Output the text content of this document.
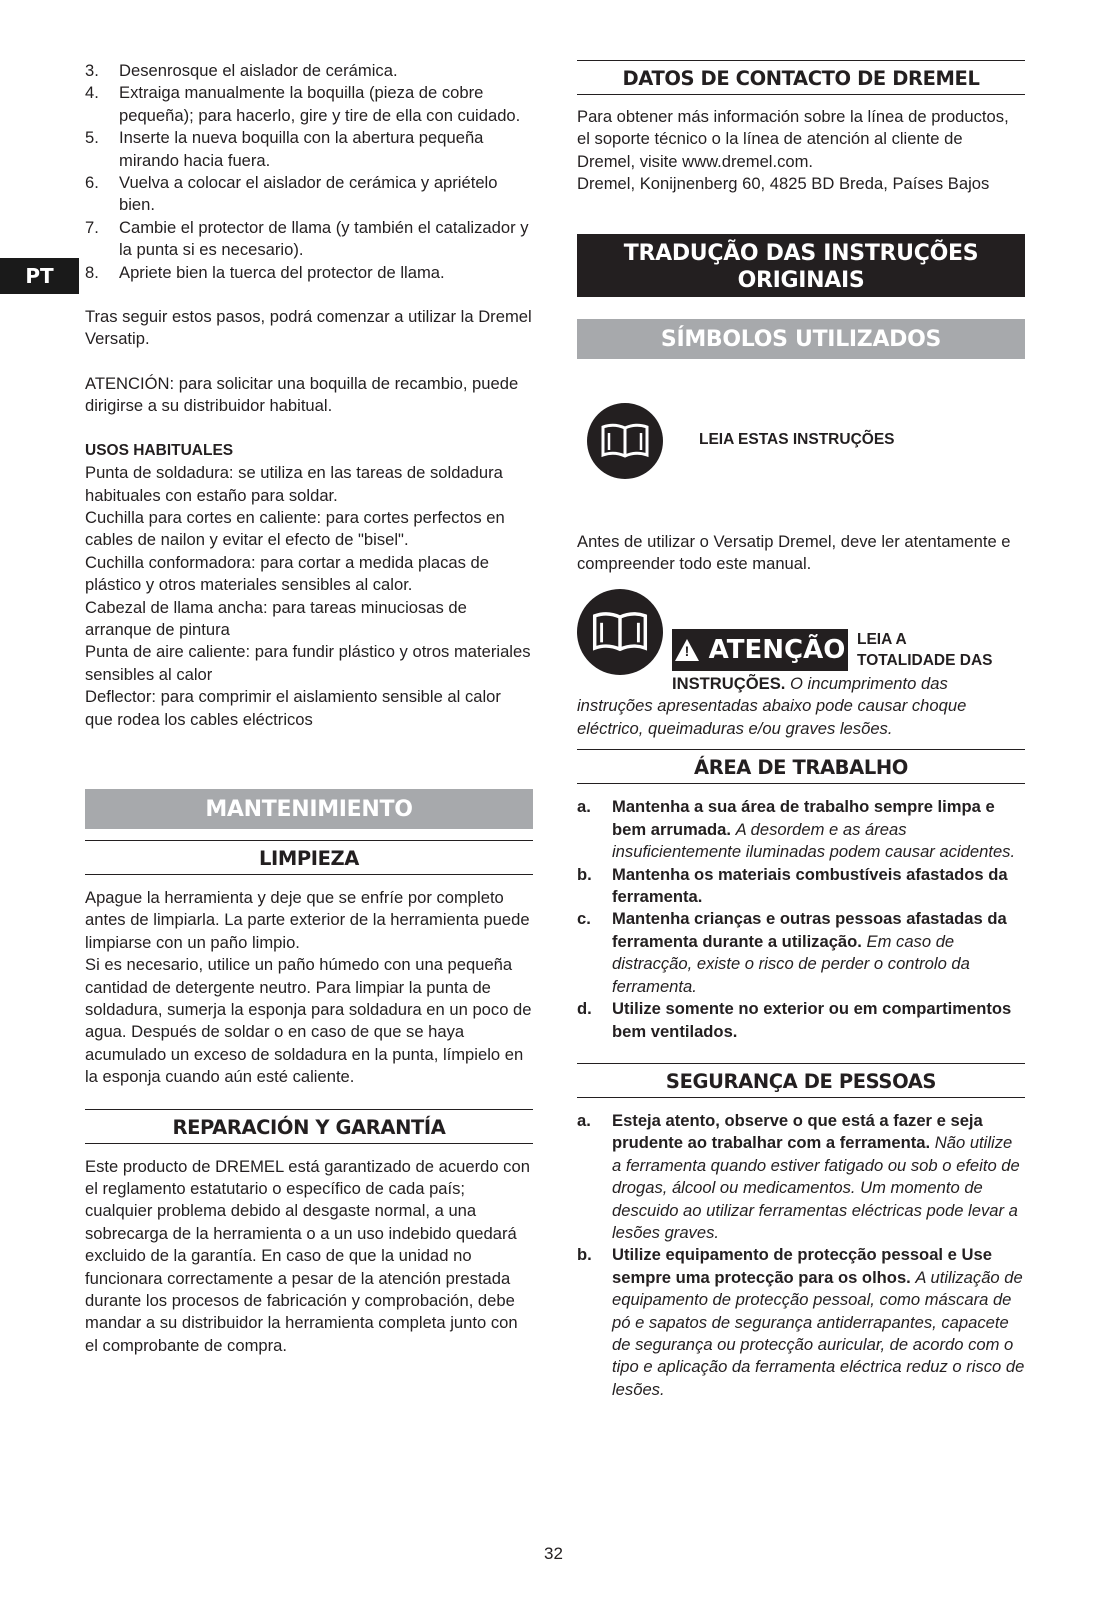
PT
3.	Desenrosque el aislador de cerámica.
4.	Extraiga manualmente la boquilla (pieza de cobre pequeña); para hacerlo, gire y tire de ella con cuidado.
5.	Inserte la nueva boquilla con la abertura pequeña mirando hacia fuera.
6.	Vuelva a colocar el aislador de cerámica y apriételo bien.
7.	Cambie el protector de llama (y también el catalizador y la punta si es necesario).
8.	Apriete bien la tuerca del protector de llama.

Tras seguir estos pasos, podrá comenzar a utilizar la Dremel Versatip.

ATENCIÓN: para solicitar una boquilla de recambio, puede dirigirse a su distribuidor habitual.

USOS HABITUALES

Punta de soldadura: se utiliza en las tareas de soldadura habituales con estaño para soldar.

Cuchilla para cortes en caliente: para cortes perfectos en cables de nailon y evitar el efecto de "bisel".

Cuchilla conformadora: para cortar a medida placas de plástico y otros materiales sensibles al calor.

Cabezal de llama ancha: para tareas minuciosas de arranque de pintura

Punta de aire caliente: para fundir plástico y otros materiales sensibles al calor

Deflector: para comprimir el aislamiento sensible al calor que rodea los cables eléctricos

MANTENIMIENTO
LIMPIEZA

Apague la herramienta y deje que se enfríe por completo antes de limpiarla. La parte exterior de la herramienta puede limpiarse con un paño limpio.

Si es necesario, utilice un paño húmedo con una pequeña cantidad de detergente neutro. Para limpiar la punta de soldadura, sumerja la esponja para soldadura en un poco de agua. Después de soldar o en caso de que se haya acumulado un exceso de soldadura en la punta, límpielo en la esponja cuando aún esté caliente.

REPARACIÓN Y GARANTÍA

Este producto de DREMEL está garantizado de acuerdo con el reglamento estatutario o específico de cada país; cualquier problema debido al desgaste normal, a una sobrecarga de la herramienta o a un uso indebido quedará excluido de la garantía. En caso de que la unidad no funcionara correctamente a pesar de la atención prestada durante los procesos de fabricación y comprobación, debe mandar a su distribuidor la herramienta completa junto con el comprobante de compra.

DATOS DE CONTACTO DE DREMEL

Para obtener más información sobre la línea de productos, el soporte técnico o la línea de atención al cliente de Dremel, visite www.dremel.com.

Dremel, Konijnenberg 60, 4825 BD Breda, Países Bajos

TRADUÇÃO DAS INSTRUÇÕES
ORIGINAIS
SÍMBOLOS UTILIZADOS
LEIA ESTAS INSTRUÇÕES

Antes de utilizar o Versatip Dremel, deve ler atentamente e compreender todo este manual.

! ATENÇÃO LEIA A
TOTALIDADE DAS
INSTRUÇÕES. O incumprimento das
instruções apresentadas abaixo pode causar choque eléctrico, queimaduras e/ou graves lesões.
ÁREA DE TRABALHO
a.	Mantenha a sua área de trabalho sempre limpa e bem arrumada. A desordem e as áreas insuficientemente iluminadas podem causar acidentes.
b.	Mantenha os materiais combustíveis afastados da ferramenta.
c.	Mantenha crianças e outras pessoas afastadas da ferramenta durante a utilização. Em caso de distracção, existe o risco de perder o controlo da ferramenta.
d.	Utilize somente no exterior ou em compartimentos bem ventilados.
SEGURANÇA DE PESSOAS
a.	Esteja atento, observe o que está a fazer e seja prudente ao trabalhar com a ferramenta. Não utilize a ferramenta quando estiver fatigado ou sob o efeito de drogas, álcool ou medicamentos. Um momento de descuido ao utilizar ferramentas eléctricas pode levar a lesões graves.
b.	Utilize equipamento de protecção pessoal e Use sempre uma protecção para os olhos. A utilização de equipamento de protecção pessoal, como máscara de pó e sapatos de segurança antiderrapantes, capacete de segurança ou protecção auricular, de acordo com o tipo e aplicação da ferramenta eléctrica reduz o risco de lesões.
32
